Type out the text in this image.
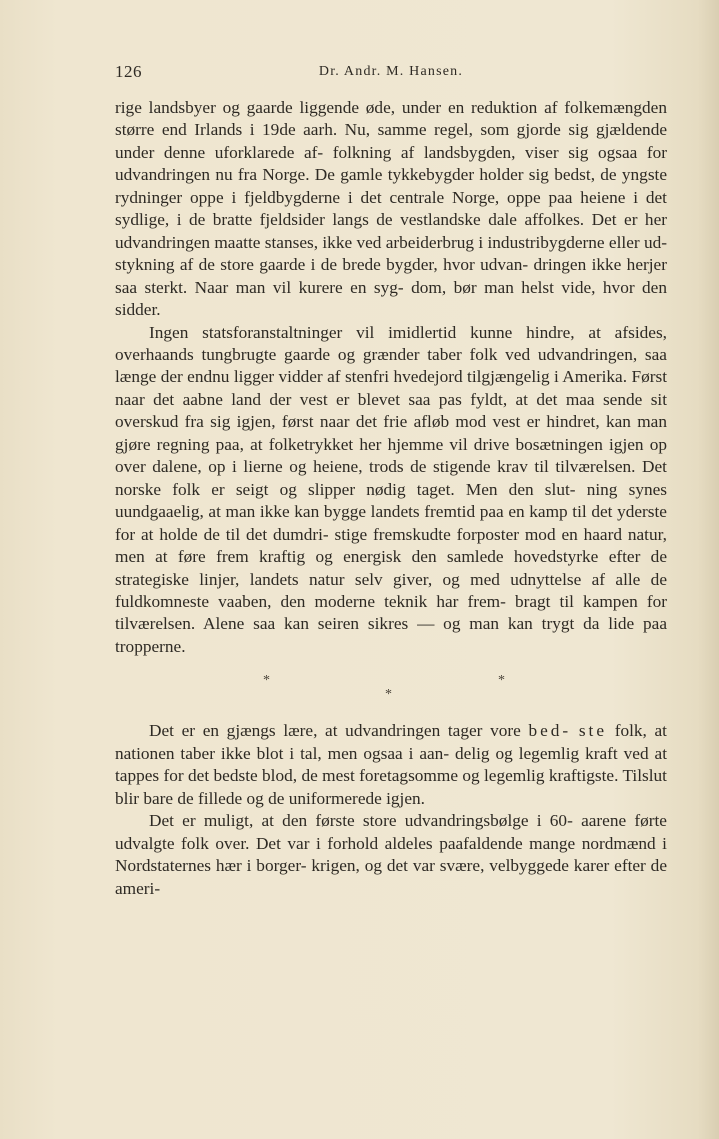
126	Dr. Andr. M. Hansen.

rige landsbyer og gaarde liggende øde, under en reduktion af folkemængden større end Irlands i 19de aarh. Nu, samme regel, som gjorde sig gjældende under denne uforklarede af- folkning af landsbygden, viser sig ogsaa for udvandringen nu fra Norge. De gamle tykkebygder holder sig bedst, de yngste rydninger oppe i fjeldbygderne i det centrale Norge, oppe paa heiene i det sydlige, i de bratte fjeldsider langs de vestlandske dale affolkes. Det er her udvandringen maatte stanses, ikke ved arbeiderbrug i industribygderne eller ud- stykning af de store gaarde i de brede bygder, hvor udvan- dringen ikke herjer saa sterkt. Naar man vil kurere en syg- dom, bør man helst vide, hvor den sidder.

Ingen statsforanstaltninger vil imidlertid kunne hindre, at afsides, overhaands tungbrugte gaarde og grænder taber folk ved udvandringen, saa længe der endnu ligger vidder af stenfri hvedejord tilgjængelig i Amerika. Først naar det aabne land der vest er blevet saa pas fyldt, at det maa sende sit overskud fra sig igjen, først naar det frie afløb mod vest er hindret, kan man gjøre regning paa, at folketrykket her hjemme vil drive bosætningen igjen op over dalene, op i lierne og heiene, trods de stigende krav til tilværelsen. Det norske folk er seigt og slipper nødig taget. Men den slut- ning synes uundgaaelig, at man ikke kan bygge landets fremtid paa en kamp til det yderste for at holde de til det dumdri- stige fremskudte forposter mod en haard natur, men at føre frem kraftig og energisk den samlede hovedstyrke efter de strategiske linjer, landets natur selv giver, og med udnyttelse af alle de fuldkomneste vaaben, den moderne teknik har frem- bragt til kampen for tilværelsen. Alene saa kan seiren sikres — og man kan trygt da lide paa tropperne.

*
*
*

Det er en gjængs lære, at udvandringen tager vore bed- ste folk, at nationen taber ikke blot i tal, men ogsaa i aan- delig og legemlig kraft ved at tappes for det bedste blod, de mest foretagsomme og legemlig kraftigste. Tilslut blir bare de fillede og de uniformerede igjen.

Det er muligt, at den første store udvandringsbølge i 60- aarene førte udvalgte folk over. Det var i forhold aldeles paafaldende mange nordmænd i Nordstaternes hær i borger- krigen, og det var svære, velbyggede karer efter de ameri-
